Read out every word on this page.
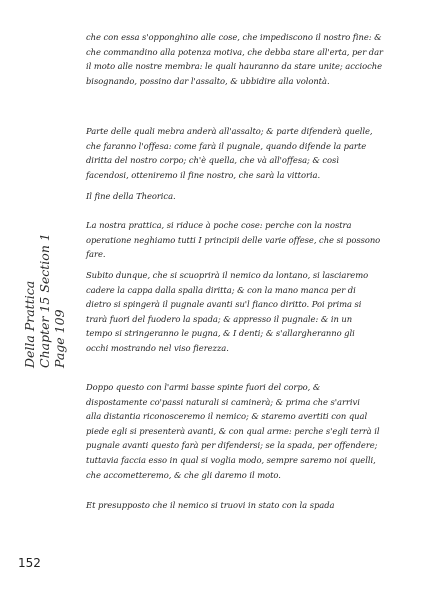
che con essa s'opponghino alle cose, che impediscono il nostro fine: &
che commandino alla potenza motiva, che debba stare all'erta, per dar
il moto alle nostre membra: le quali hauranno da stare unite; accioche
bisognando, possino dar l'assalto, & ubbidire alla volontà.
Parte delle quali mebra anderà all'assalto; & parte difenderà quelle,
che faranno l'offesa: come farà il pugnale, quando difende la parte
diritta del nostro corpo; ch'è quella, che và all'offesa; & così
facendosi, otteniremo il fine nostro, che sarà la vittoria.
Il fine della Theorica.
La nostra prattica, si riduce à poche cose: perche con la nostra
operatione neghiamo tutti I principii delle varie offese, che si possono
fare.
Subito dunque, che si scuoprirà il nemico da lontano, si lasciaremo
cadere la cappa dalla spalla diritta; & con la mano manca per di
dietro si spingerà il pugnale avanti su'l fianco diritto. Poi prima si
trarà fuori del fuodero la spada; & appresso il pugnale: & in un
tempo si stringeranno le pugna, & I denti; & s'allargheranno gli
occhi mostrando nel viso fierezza.
Doppo questo con l'armi basse spinte fuori del corpo, &
dispostamente co'passi naturali si caminerà; & prima che s'arrivi
alla distantia riconosceremo il nemico; & staremo avertiti con qual
piede egli si presenterà avanti, & con qual arme: perche s'egli terrà il
pugnale avanti questo farà per difendersi; se la spada, per offendere;
tuttavia faccia esso in qual si voglia modo, sempre saremo noi quelli,
che accometteremo, & che gli daremo il moto.
Et presupposto che il nemico si truovi in stato con la spada
Della Prattica Chapter 15 Section 1 Page 109
152
